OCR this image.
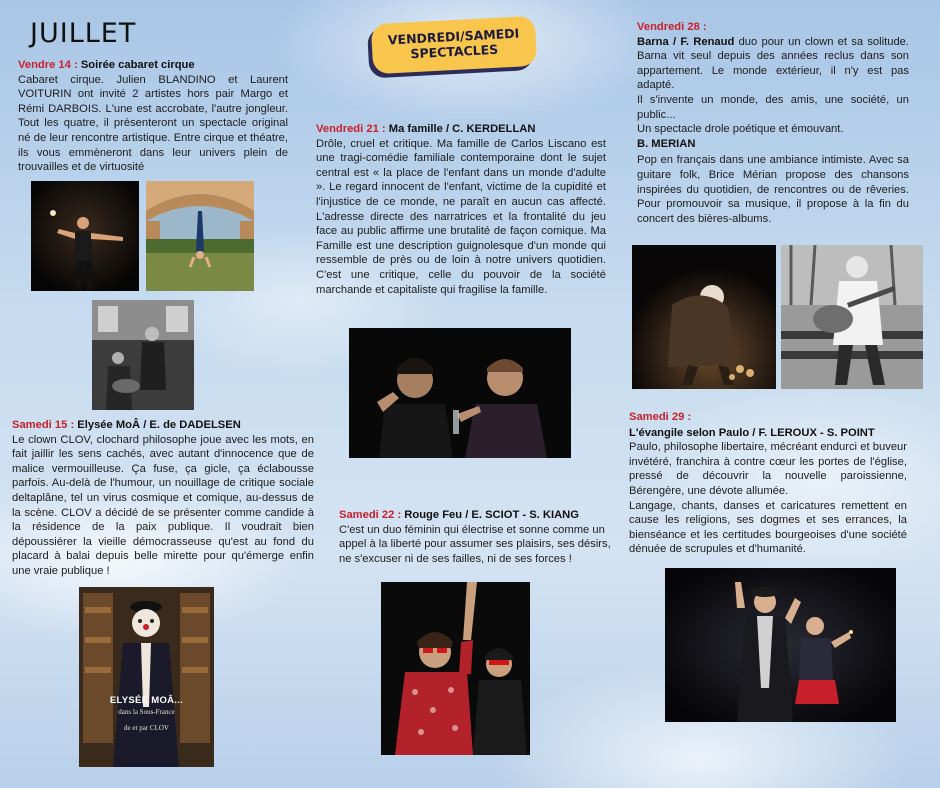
JUILLET	VENDREDI/SAMEDI
SPECTACLES
Vendre 14 : Soirée cabaret cirque
Cabaret cirque. Julien BLANDINO et Laurent VOITURIN ont invité 2 artistes hors pair Margo et Rémi DARBOIS. L'une est accrobate, l'autre jongleur. Tout les quatre, il présenteront un spectacle original né de leur rencontre artistique. Entre cirque et théatre, ils vous emmèneront dans leur univers plein de trouvailles et de virtuosité
Samedi 15 : Elysée MoÂ / E. de DADELSEN
Le clown CLOV, clochard philosophe joue avec les mots, en fait jaillir les sens cachés, avec autant d'innocence que de malice vermouilleuse. Ça fuse, ça gicle, ça éclabousse parfois. Au-delà de l'humour, un nouillage de critique sociale deltaplâne, tel un virus cosmique et comique, au-dessus de la scène. CLOV a décidé de se présenter comme candide à la résidence de la paix publique. Il voudrait bien dépoussiérer la vieille démocrasseuse qu'est au fond du placard à balai depuis belle mirette pour qu'émerge enfin une vraie publique !
ELYSÉE MOÂ...
dans la Sous-France
de et par CLOV
Vendredi 21 : Ma famille / C. KERDELLAN
Drôle, cruel et critique. Ma famille de Carlos Liscano est une tragi-comédie familiale contemporaine dont le sujet central est « la place de l'enfant dans un monde d'adulte ». Le regard innocent de l'enfant, victime de la cupidité et l'injustice de ce monde, ne paraît en aucun cas affecté. L'adresse directe des narratrices et la frontalité du jeu face au public affirme une brutalité de façon comique. Ma Famille est une description guignolesque d'un monde qui ressemble de près ou de loin à notre univers quotidien. C'est une critique, celle du pouvoir de la société marchande et capitaliste qui fragilise la famille.
Samedi 22 : Rouge Feu / E. SCIOT - S. KIANG
C'est un duo féminin qui électrise et sonne comme un appel à la liberté pour assumer ses plaisirs, ses désirs, ne s'excuser ni de ses failles, ni de ses forces !
Vendredi 28 :
Barna / F. Renaud duo pour un clown et sa solitude. Barna vit seul depuis des années reclus dans son appartement. Le monde extérieur, il n'y est pas adapté.
Il s'invente un monde, des amis, une société, un public...
Un spectacle drole poétique et émouvant.
B. MERIAN
Pop en français dans une ambiance intimiste. Avec sa guitare folk, Brice Mérian propose des chansons inspirées du quotidien, de rencontres ou de rêveries. Pour promouvoir sa musique, il propose à la fin du concert des bières-albums.
Samedi 29 :
L'évangile selon Paulo / F. LEROUX - S. POINT
Paulo, philosophe libertaire, mécréant endurci et buveur invétéré, franchira à contre cœur les portes de l'église, pressé de découvrir la nouvelle paroissienne, Bérengère, une dévote allumée.
Langage, chants, danses et caricatures remettent en cause les religions, ses dogmes et ses errances, la bienséance et les certitudes bourgeoises d'une société dénuée de scrupules et d'humanité.
